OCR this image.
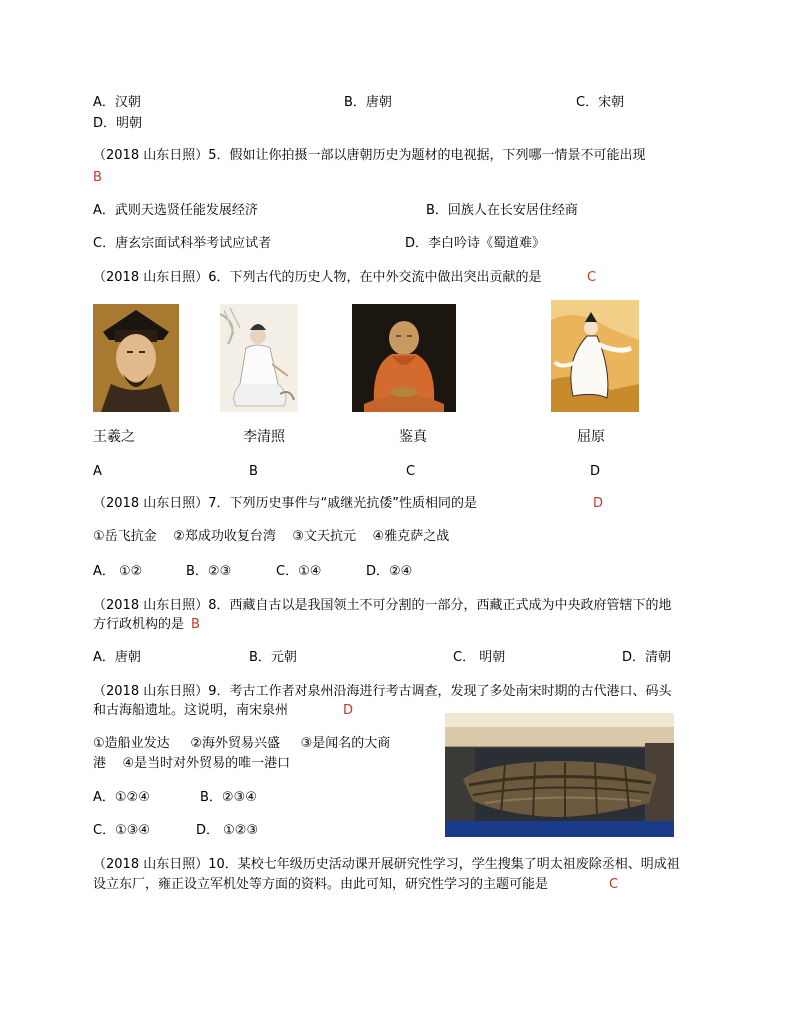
A．汉朝	B．唐朝	C．宋朝
D．明朝
（2018 山东日照）5．假如让你拍摄一部以唐朝历史为题材的电视据，下列哪一情景不可能出现
B
A．武则天选贤任能发展经济	B．回族人在长安居住经商
C．唐玄宗面试科举考试应试者	D．李白吟诗《蜀道难》
（2018 山东日照）6．下列古代的历史人物，在中外交流中做出突出贡献的是	C
王羲之	李清照	鉴真	屈原
A	B	C	D
（2018 山东日照）7．下列历史事件与“戚继光抗倭”性质相同的是	D
①岳飞抗金    ②郑成功收复台湾    ③文天抗元    ④雅克萨之战
A． ①②	B．②③	C．①④	D．②④
（2018 山东日照）8．西藏自古以是我国领土不可分割的一部分，西藏正式成为中央政府管辖下的地
方行政机构的是 B
A．唐朝	B．元朝	C． 明朝	D．清朝
（2018 山东日照）9．考古工作者对泉州沿海进行考古调查，发现了多处南宋时期的古代港口、码头
和古海船遗址。这说明，南宋泉州	D
①造船业发达     ②海外贸易兴盛     ③是闻名的大商
港    ④是当时对外贸易的唯一港口
A．①②④	B．②③④
C．①③④	D． ①②③
（2018 山东日照）10．某校七年级历史活动课开展研究性学习，学生搜集了明太祖废除丞相、明成祖
设立东厂，雍正设立军机处等方面的资料。由此可知，研究性学习的主题可能是	C
